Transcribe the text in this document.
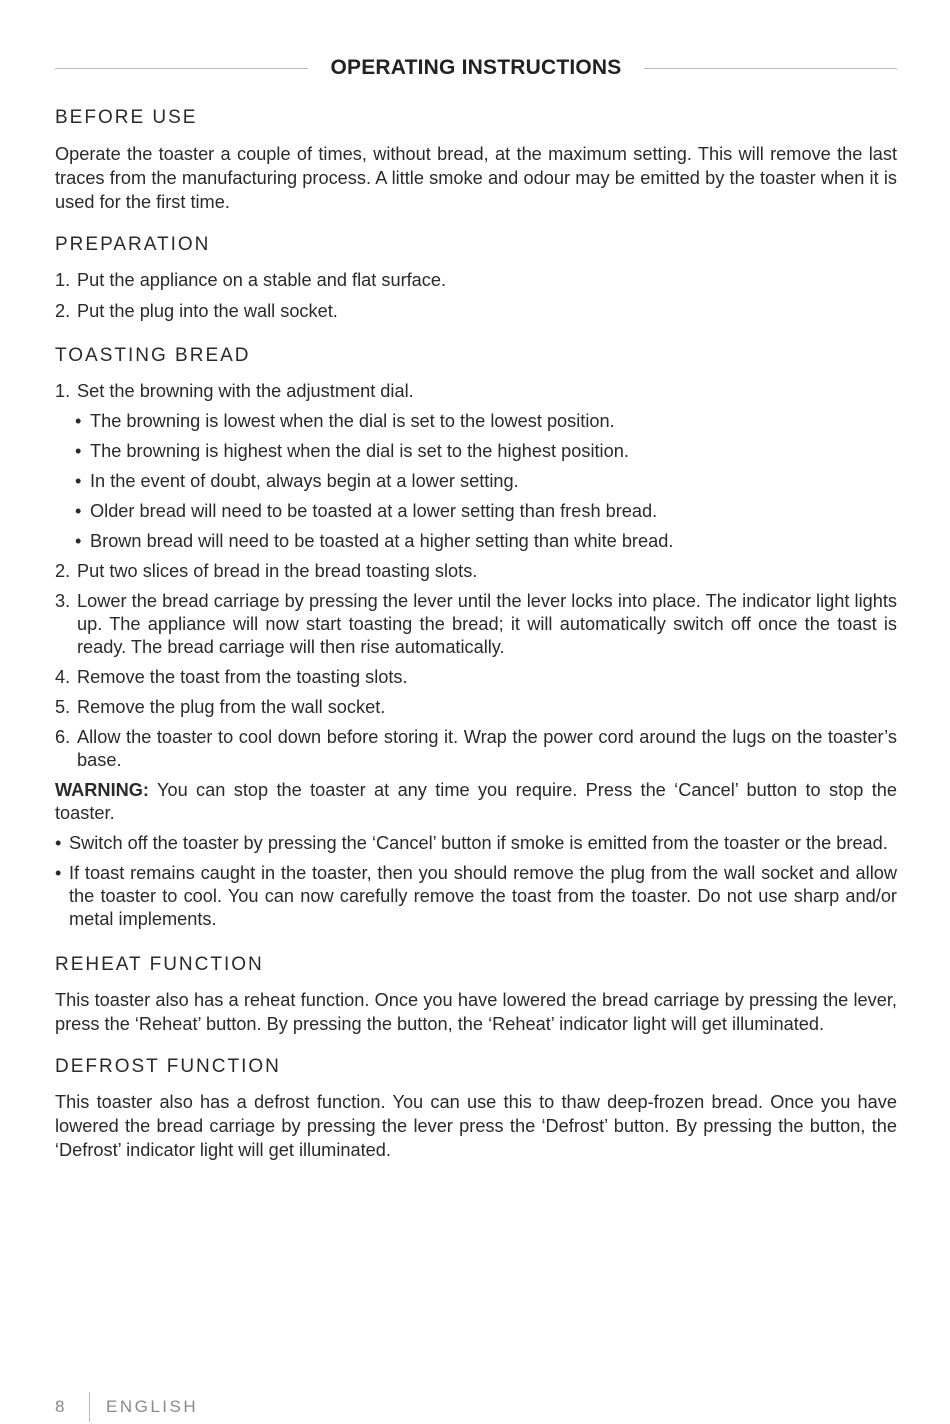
OPERATING INSTRUCTIONS
BEFORE USE

Operate the toaster a couple of times, without bread, at the maximum setting. This will remove the last traces from the manufacturing process. A little smoke and odour may be emitted by the toaster when it is used for the first time.

PREPARATION
1. Put the appliance on a stable and flat surface.
2. Put the plug into the wall socket.
TOASTING BREAD
1. Set the browning with the adjustment dial.
• The browning is lowest when the dial is set to the lowest position.
• The browning is highest when the dial is set to the highest position.
• In the event of doubt, always begin at a lower setting.
• Older bread will need to be toasted at a lower setting than fresh bread.
• Brown bread will need to be toasted at a higher setting than white bread.
2. Put two slices of bread in the bread toasting slots.
3. Lower the bread carriage by pressing the lever until the lever locks into place. The indicator light lights up. The appliance will now start toasting the bread; it will automatically switch off once the toast is ready. The bread carriage will then rise automatically.
4. Remove the toast from the toasting slots.
5. Remove the plug from the wall socket.
6. Allow the toaster to cool down before storing it. Wrap the power cord around the lugs on the toaster’s base.

WARNING: You can stop the toaster at any time you require. Press the ‘Cancel’ button to stop the toaster.

• Switch off the toaster by pressing the ‘Cancel’ button if smoke is emitted from the toaster or the bread.
• If toast remains caught in the toaster, then you should remove the plug from the wall socket and allow the toaster to cool. You can now carefully remove the toast from the toaster. Do not use sharp and/or metal implements.
REHEAT FUNCTION

This toaster also has a reheat function. Once you have lowered the bread carriage by pressing the lever, press the ‘Reheat’ button. By pressing the button, the ‘Reheat’ indicator light will get illuminated.

DEFROST FUNCTION

This toaster also has a defrost function. You can use this to thaw deep-frozen bread. Once you have lowered the bread carriage by pressing the lever press the ‘Defrost’ button. By pressing the button, the ‘Defrost’ indicator light will get illuminated.

8	ENGLISH
